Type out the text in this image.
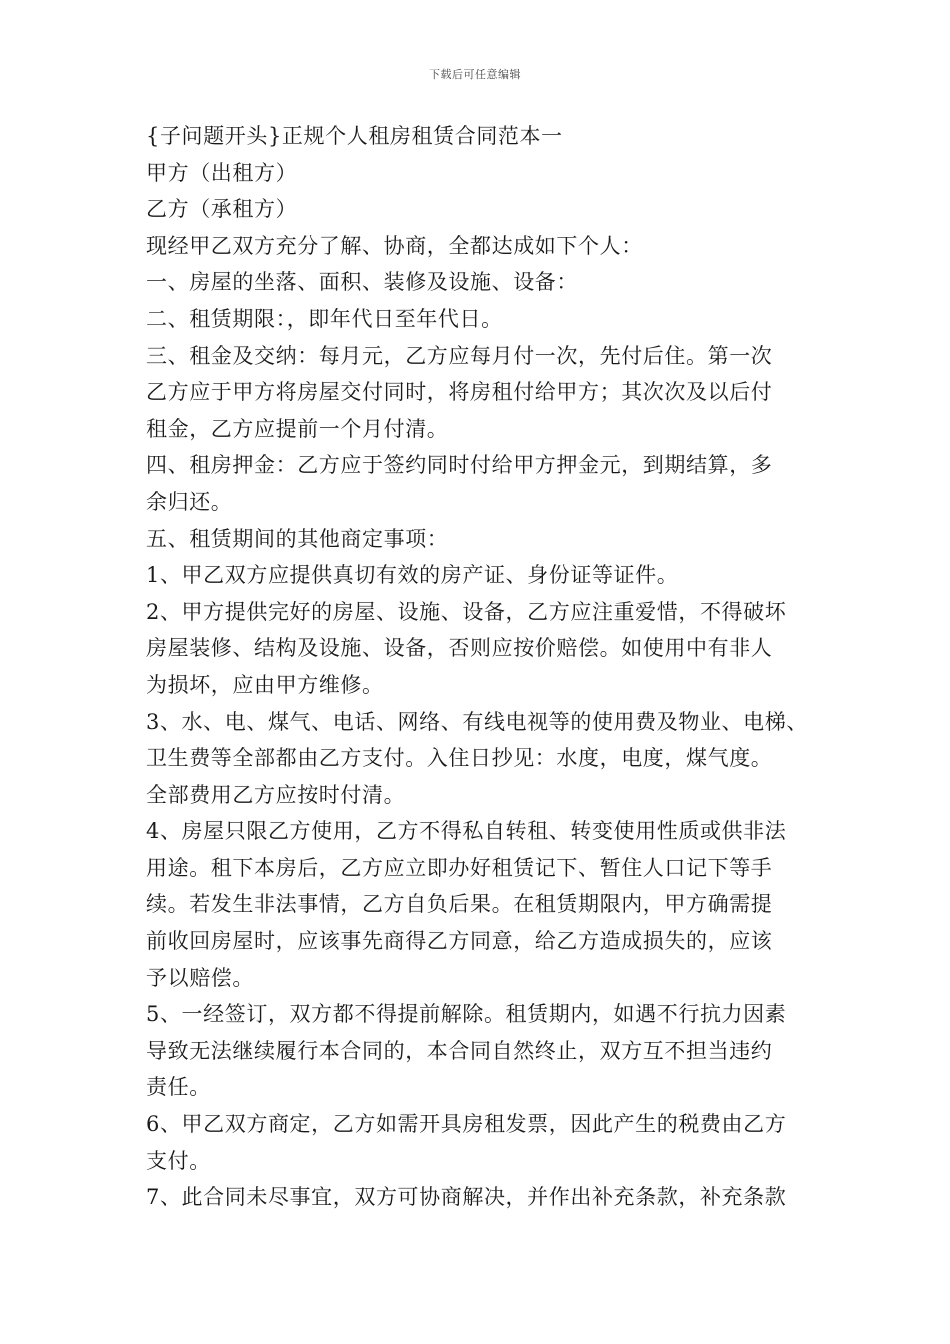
下载后可任意编辑
{子问题开头}正规个人租房租赁合同范本一
甲方（出租方）
乙方（承租方）
现经甲乙双方充分了解、协商，全都达成如下个人：
一、房屋的坐落、面积、装修及设施、设备：
二、租赁期限：，即年代日至年代日。
三、租金及交纳：每月元，乙方应每月付一次，先付后住。第一次
乙方应于甲方将房屋交付同时，将房租付给甲方；其次次及以后付
租金，乙方应提前一个月付清。
四、租房押金：乙方应于签约同时付给甲方押金元，到期结算，多
余归还。
五、租赁期间的其他商定事项：
1、甲乙双方应提供真切有效的房产证、身份证等证件。
2、甲方提供完好的房屋、设施、设备，乙方应注重爱惜，不得破坏
房屋装修、结构及设施、设备，否则应按价赔偿。如使用中有非人
为损坏，应由甲方维修。
3、水、电、煤气、电话、网络、有线电视等的使用费及物业、电梯、
卫生费等全部都由乙方支付。入住日抄见：水度，电度，煤气度。
全部费用乙方应按时付清。
4、房屋只限乙方使用，乙方不得私自转租、转变使用性质或供非法
用途。租下本房后，乙方应立即办好租赁记下、暂住人口记下等手
续。若发生非法事情，乙方自负后果。在租赁期限内，甲方确需提
前收回房屋时，应该事先商得乙方同意，给乙方造成损失的，应该
予以赔偿。
5、一经签订，双方都不得提前解除。租赁期内，如遇不行抗力因素
导致无法继续履行本合同的，本合同自然终止，双方互不担当违约
责任。
6、甲乙双方商定，乙方如需开具房租发票，因此产生的税费由乙方
支付。
7、此合同未尽事宜，双方可协商解决，并作出补充条款，补充条款
